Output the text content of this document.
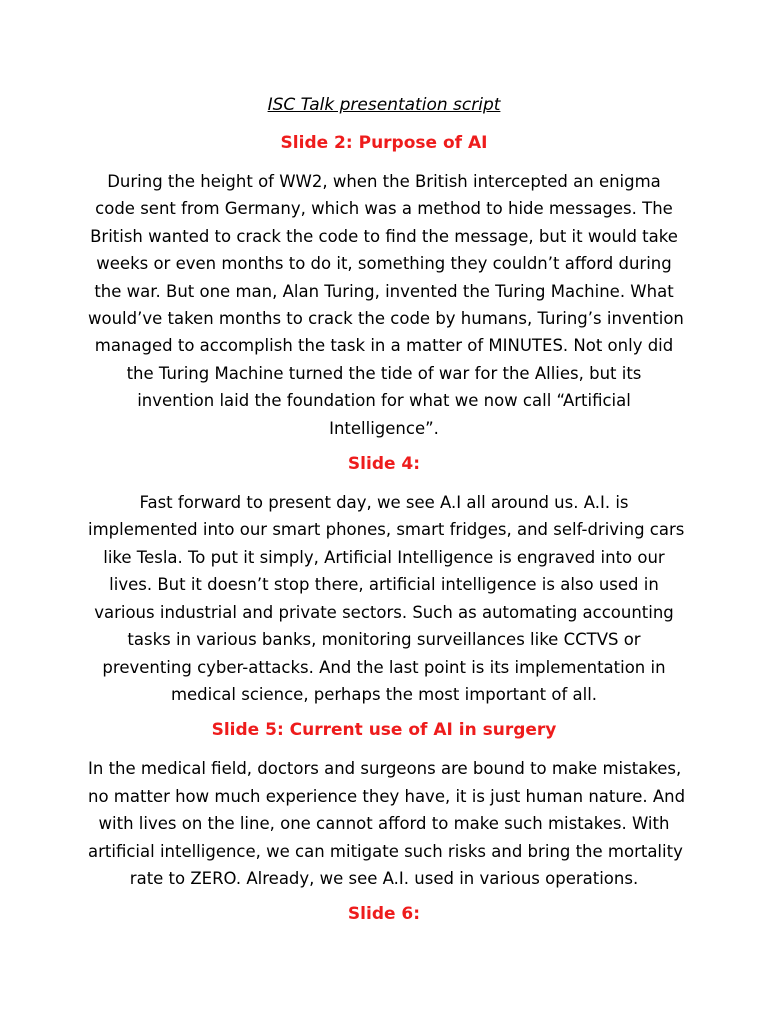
ISC Talk presentation script
Slide 2: Purpose of AI
During the height of WW2, when the British intercepted an enigma
code sent from Germany, which was a method to hide messages. The
British wanted to crack the code to find the message, but it would take
weeks or even months to do it, something they couldn’t afford during
the war. But one man, Alan Turing, invented the Turing Machine. What
would’ve taken months to crack the code by humans, Turing’s invention
managed to accomplish the task in a matter of MINUTES. Not only did
the Turing Machine turned the tide of war for the Allies, but its
invention laid the foundation for what we now call “Artificial
Intelligence”.
Slide 4:
Fast forward to present day, we see A.I all around us. A.I. is
implemented into our smart phones, smart fridges, and self-driving cars
like Tesla. To put it simply, Artificial Intelligence is engraved into our
lives. But it doesn’t stop there, artificial intelligence is also used in
various industrial and private sectors. Such as automating accounting
tasks in various banks, monitoring surveillances like CCTVS or
preventing cyber-attacks. And the last point is its implementation in
medical science, perhaps the most important of all.
Slide 5: Current use of AI in surgery
In the medical field, doctors and surgeons are bound to make mistakes,
no matter how much experience they have, it is just human nature. And
with lives on the line, one cannot afford to make such mistakes. With
artificial intelligence, we can mitigate such risks and bring the mortality
rate to ZERO. Already, we see A.I. used in various operations.
Slide 6:
